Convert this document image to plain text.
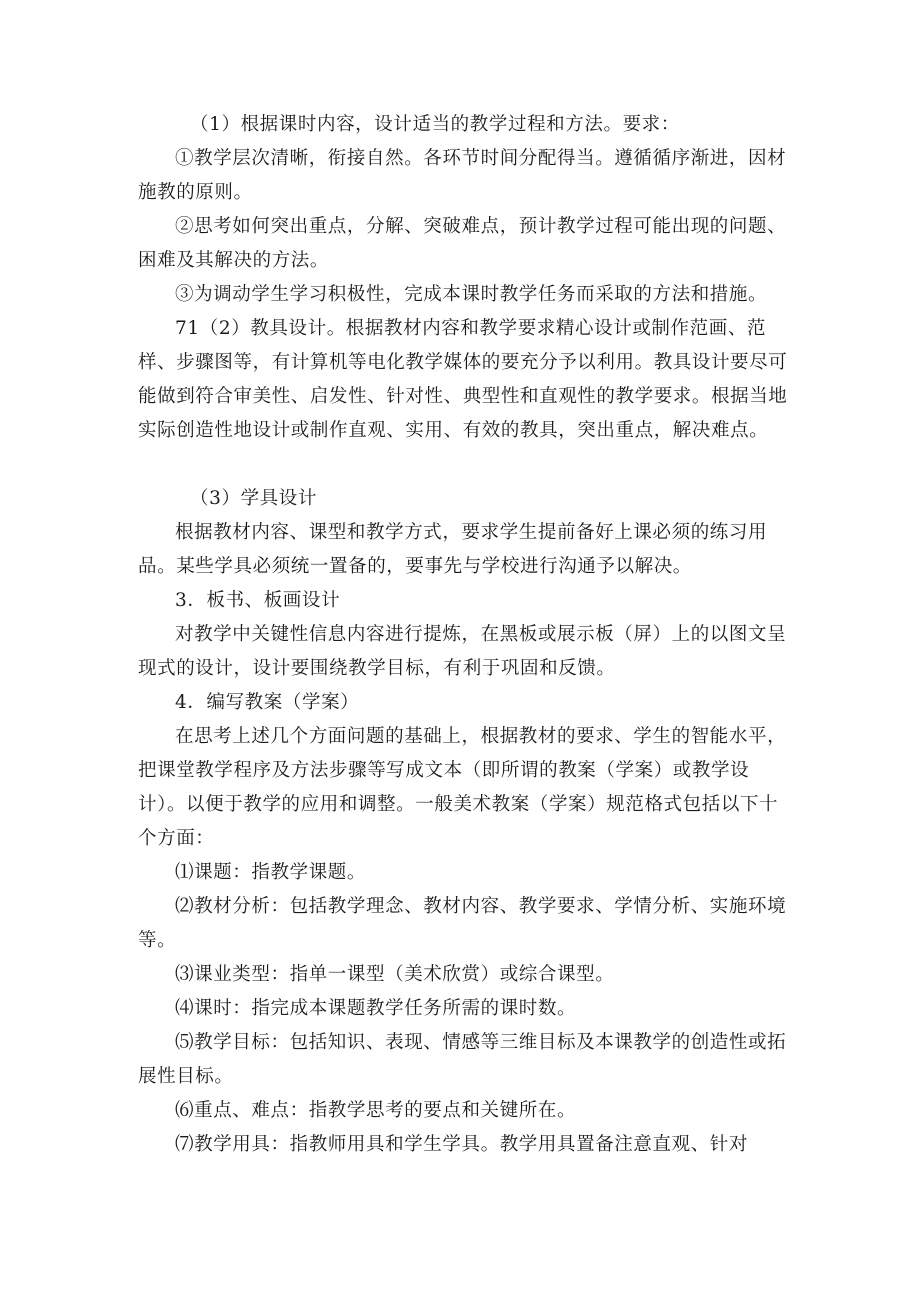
（1）根据课时内容，设计适当的教学过程和方法。要求：

①教学层次清晰，衔接自然。各环节时间分配得当。遵循循序渐进，因材施教的原则。

②思考如何突出重点，分解、突破难点，预计教学过程可能出现的问题、困难及其解决的方法。

③为调动学生学习积极性，完成本课时教学任务而采取的方法和措施。

71（2）教具设计。根据教材内容和教学要求精心设计或制作范画、范样、步骤图等，有计算机等电化教学媒体的要充分予以利用。教具设计要尽可能做到符合审美性、启发性、针对性、典型性和直观性的教学要求。根据当地实际创造性地设计或制作直观、实用、有效的教具，突出重点，解决难点。

（3）学具设计

根据教材内容、课型和教学方式，要求学生提前备好上课必须的练习用品。某些学具必须统一置备的，要事先与学校进行沟通予以解决。

3．板书、板画设计

对教学中关键性信息内容进行提炼，在黑板或展示板（屏）上的以图文呈现式的设计，设计要围绕教学目标，有利于巩固和反馈。

4．编写教案（学案）

在思考上述几个方面问题的基础上，根据教材的要求、学生的智能水平，把课堂教学程序及方法步骤等写成文本（即所谓的教案（学案）或教学设计）。以便于教学的应用和调整。一般美术教案（学案）规范格式包括以下十个方面：

⑴课题：指教学课题。

⑵教材分析：包括教学理念、教材内容、教学要求、学情分析、实施环境等。

⑶课业类型：指单一课型（美术欣赏）或综合课型。

⑷课时：指完成本课题教学任务所需的课时数。

⑸教学目标：包括知识、表现、情感等三维目标及本课教学的创造性或拓展性目标。

⑹重点、难点：指教学思考的要点和关键所在。

⑺教学用具：指教师用具和学生学具。教学用具置备注意直观、针对
